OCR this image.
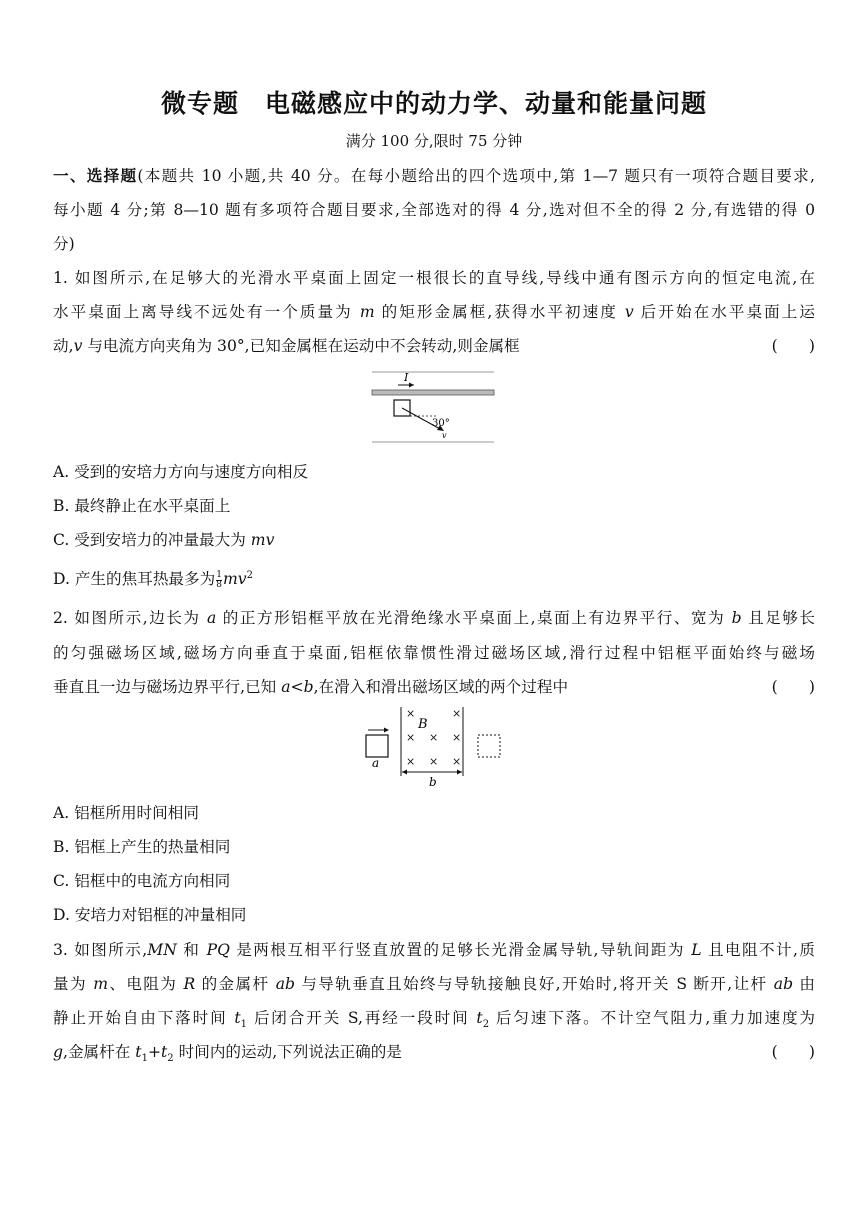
微专题　电磁感应中的动力学、动量和能量问题
满分 100 分,限时 75 分钟
一、选择题(本题共 10 小题,共 40 分。在每小题给出的四个选项中,第 1—7 题只有一项符合题目要求,
每小题 4 分;第 8—10 题有多项符合题目要求,全部选对的得 4 分,选对但不全的得 2 分,有选错的得 0
分)
1. 如图所示,在足够大的光滑水平桌面上固定一根很长的直导线,导线中通有图示方向的恒定电流,在
水平桌面上离导线不远处有一个质量为 m 的矩形金属框,获得水平初速度 v 后开始在水平桌面上运
动,v 与电流方向夹角为 30°,已知金属框在运动中不会转动,则金属框	(　　)
I
30°
v
A. 受到的安培力方向与速度方向相反
B. 最终静止在水平桌面上
C. 受到安培力的冲量最大为 mv
D. 产生的焦耳热最多为 $\frac{1}{8} mv^2$
2. 如图所示,边长为 a 的正方形铝框平放在光滑绝缘水平桌面上,桌面上有边界平行、宽为 b 且足够长
的匀强磁场区域,磁场方向垂直于桌面,铝框依靠惯性滑过磁场区域,滑行过程中铝框平面始终与磁场
垂直且一边与磁场边界平行,已知 a<b,在滑入和滑出磁场区域的两个过程中	(　　)
a
×	×
× × ×
× × ×
B
b
A. 铝框所用时间相同
B. 铝框上产生的热量相同
C. 铝框中的电流方向相同
D. 安培力对铝框的冲量相同
3. 如图所示,MN 和 PQ 是两根互相平行竖直放置的足够长光滑金属导轨,导轨间距为 L 且电阻不计,质
量为 m、电阻为 R 的金属杆 ab 与导轨垂直且始终与导轨接触良好,开始时,将开关 S 断开,让杆 ab 由
静止开始自由下落时间 $t_1$ 后闭合开关 S,再经一段时间 $t_2$ 后匀速下落。不计空气阻力,重力加速度为
g,金属杆在 $t_1+t_2$ 时间内的运动,下列说法正确的是	(　　)
